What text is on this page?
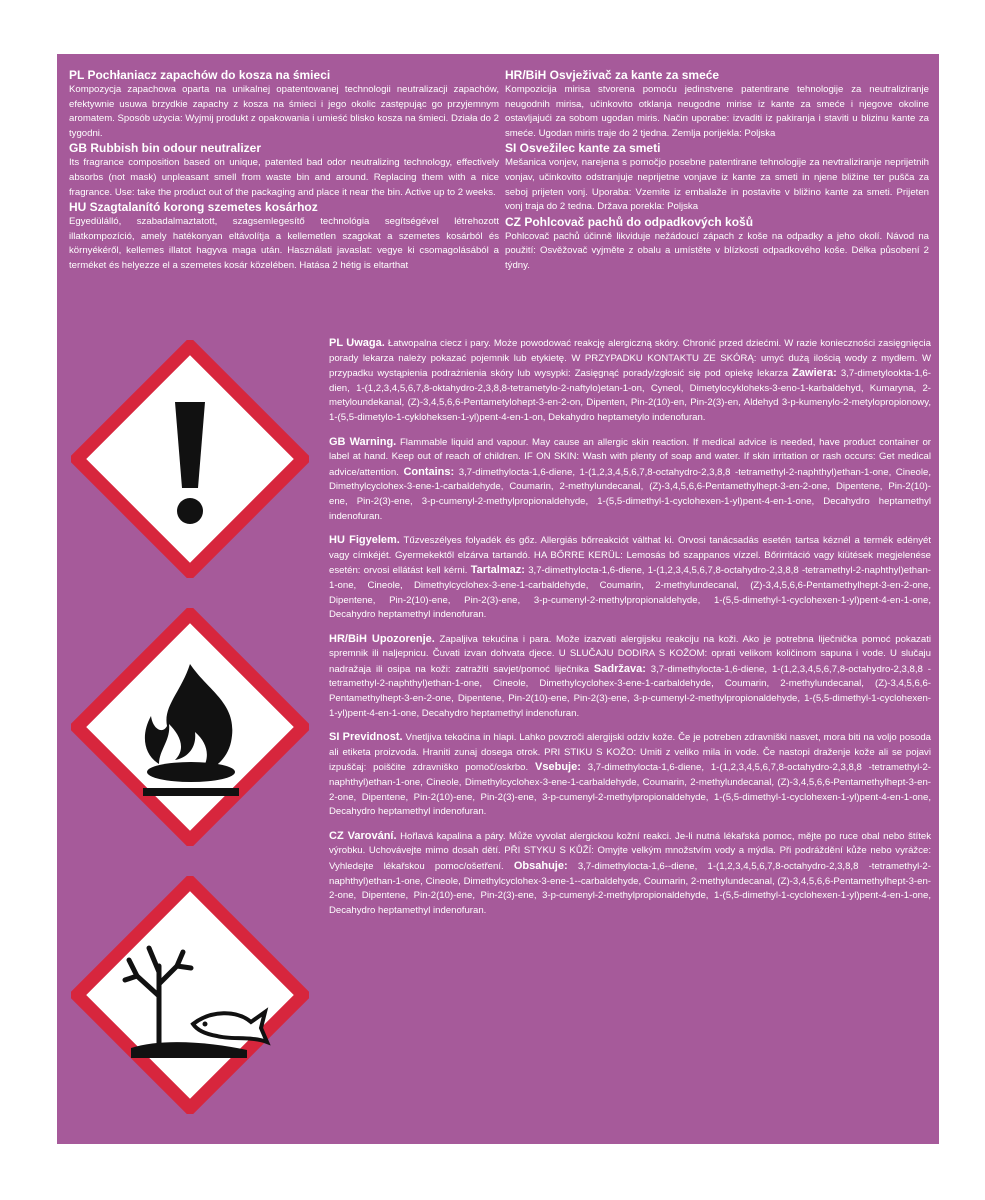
PL Pochłaniacz zapachów do kosza na śmieci

Kompozycja zapachowa oparta na unikalnej opatentowanej technologii neutralizacji zapachów, efektywnie usuwa brzydkie zapachy z kosza na śmieci i jego okolic zastępując go przyjemnym aromatem. Sposób użycia: Wyjmij produkt z opakowania i umieść blisko kosza na śmieci. Działa do 2 tygodni.

GB Rubbish bin odour neutralizer

Its fragrance composition based on unique, patented bad odor neutralizing technology, effectively absorbs (not mask) unpleasant smell from waste bin and around. Replacing them with a nice fragrance. Use: take the product out of the packaging and place it near the bin. Active up to 2 weeks.

HU Szagtalanító korong szemetes kosárhoz

Egyedülálló, szabadalmaztatott, szagsemlegesítő technológia segítségével létrehozott illatkompozíció, amely hatékonyan eltávolítja a kellemetlen szagokat a szemetes kosárból és környékéről, kellemes illatot hagyva maga után. Használati javaslat: vegye ki csomagolásából a terméket és helyezze el a szemetes kosár közelében. Hatása 2 hétig is eltarthat

HR/BiH Osvježivač za kante za smeće

Kompozicija mirisa stvorena pomoću jedinstvene patentirane tehnologije za neutraliziranje neugodnih mirisa, učinkovito otklanja neugodne mirise iz kante za smeće i njegove okoline ostavljajući za sobom ugodan miris. Način uporabe: izvaditi iz pakiranja i staviti u blizinu kante za smeće. Ugodan miris traje do 2 tjedna. Zemlja porijekla: Poljska

SI Osvežilec kante za smeti

Mešanica vonjev, narejena s pomočjo posebne patentirane tehnologije za nevtraliziranje neprijetnih vonjav, učinkovito odstranjuje neprijetne vonjave iz kante za smeti in njene bližine ter pušča za seboj prijeten vonj. Uporaba: Vzemite iz embalaže in postavite v bližino kante za smeti. Prijeten vonj traja do 2 tedna. Država porekla: Poljska

CZ Pohlcovač pachů do odpadkových košů

Pohlcovač pachů účinně likviduje nežádoucí zápach z koše na odpadky a jeho okolí. Návod na použití: Osvěžovač vyjměte z obalu a umístěte v blízkosti odpadkového koše. Délka působení 2 týdny.

PL Uwaga. Łatwopalna ciecz i pary. Może powodować reakcję alergiczną skóry. Chronić przed dziećmi. W razie konieczności zasięgnięcia porady lekarza należy pokazać pojemnik lub etykietę. W PRZYPADKU KONTAKTU ZE SKÓRĄ: umyć dużą ilością wody z mydłem. W przypadku wystąpienia podrażnienia skóry lub wysypki: Zasięgnąć porady/zgłosić się pod opiekę lekarza Zawiera: 3,7-dimetylookta-1,6-dien, 1-(1,2,3,4,5,6,7,8-oktahydro-2,3,8,8-tetrametylo-2-naftylo)etan-1-on, Cyneol, Dimetylocykloheks-3-eno-1-karbaldehyd, Kumaryna, 2-metyloundekanal, (Z)-3,4,5,6,6-Pentametylohept-3-en-2-on, Dipenten, Pin-2(10)-en, Pin-2(3)-en, Aldehyd 3-p-kumenylo-2-metylopropionowy, 1-(5,5-dimetylo-1-cykloheksen-1-yl)pent-4-en-1-on, Dekahydro heptametylo indenofuran.

GB Warning. Flammable liquid and vapour. May cause an allergic skin reaction. If medical advice is needed, have product container or label at hand. Keep out of reach of children. IF ON SKIN: Wash with plenty of soap and water. If skin irritation or rash occurs: Get medical advice/attention. Contains: 3,7-dimethylocta-1,6-diene, 1-(1,2,3,4,5,6,7,8-octahydro-2,3,8,8 -tetramethyl-2-naphthyl)ethan-1-one, Cineole, Dimethylcyclohex-3-ene-1-carbaldehyde, Coumarin, 2-methylundecanal, (Z)-3,4,5,6,6-Pentamethylhept-3-en-2-one, Dipentene, Pin-2(10)-ene, Pin-2(3)-ene, 3-p-cumenyl-2-methylpropionaldehyde, 1-(5,5-dimethyl-1-cyclohexen-1-yl)pent-4-en-1-one, Decahydro heptamethyl indenofuran.

HU Figyelem. Tűzveszélyes folyadék és gőz. Allergiás bőrreakciót válthat ki. Orvosi tanácsadás esetén tartsa kéznél a termék edényét vagy címkéjét. Gyermekektől elzárva tartandó. HA BŐRRE KERÜL: Lemosás bő szappanos vízzel. Bőrirritáció vagy kiütések megjelenése esetén: orvosi ellátást kell kérni. Tartalmaz: 3,7-dimethylocta-1,6-diene, 1-(1,2,3,4,5,6,7,8-octahydro-2,3,8,8 -tetramethyl-2-naphthyl)ethan-1-one, Cineole, Dimethylcyclohex-3-ene-1-carbaldehyde, Coumarin, 2-methylundecanal, (Z)-3,4,5,6,6-Pentamethylhept-3-en-2-one, Dipentene, Pin-2(10)-ene, Pin-2(3)-ene, 3-p-cumenyl-2-methylpropionaldehyde, 1-(5,5-dimethyl-1-cyclohexen-1-yl)pent-4-en-1-one, Decahydro heptamethyl indenofuran.

HR/BiH Upozorenje. Zapaljiva tekućina i para. Može izazvati alergijsku reakciju na koži. Ako je potrebna liječnička pomoć pokazati spremnik ili naljepnicu. Čuvati izvan dohvata djece. U SLUČAJU DODIRA S KOŽOM: oprati velikom količinom sapuna i vode. U slučaju nadražaja ili osipa na koži: zatražiti savjet/pomoć liječnika Sadržava: 3,7-dimethylocta-1,6-diene, 1-(1,2,3,4,5,6,7,8-octahydro-2,3,8,8 -tetramethyl-2-naphthyl)ethan-1-one, Cineole, Dimethylcyclohex-3-ene-1-carbaldehyde, Coumarin, 2-methylundecanal, (Z)-3,4,5,6,6-Pentamethylhept-3-en-2-one, Dipentene, Pin-2(10)-ene, Pin-2(3)-ene, 3-p-cumenyl-2-methylpropionaldehyde, 1-(5,5-dimethyl-1-cyclohexen-1-yl)pent-4-en-1-one, Decahydro heptamethyl indenofuran.

SI Previdnost. Vnetljiva tekočina in hlapi. Lahko povzroči alergijski odziv kože. Če je potreben zdravniški nasvet, mora biti na voljo posoda ali etiketa proizvoda. Hraniti zunaj dosega otrok. PRI STIKU S KOŽO: Umiti z veliko mila in vode. Če nastopi draženje kože ali se pojavi izpuščaj: poiščite zdravniško pomoč/oskrbo. Vsebuje: 3,7-dimethylocta-1,6-diene, 1-(1,2,3,4,5,6,7,8-octahydro-2,3,8,8 -tetramethyl-2-naphthyl)ethan-1-one, Cineole, Dimethylcyclohex-3-ene-1-carbaldehyde, Coumarin, 2-methylundecanal, (Z)-3,4,5,6,6-Pentamethylhept-3-en-2-one, Dipentene, Pin-2(10)-ene, Pin-2(3)-ene, 3-p-cumenyl-2-methylpropionaldehyde, 1-(5,5-dimethyl-1-cyclohexen-1-yl)pent-4-en-1-one, Decahydro heptamethyl indenofuran.

CZ Varování. Hořlavá kapalina a páry. Může vyvolat alergickou kožní reakci. Je-li nutná lékařská pomoc, mějte po ruce obal nebo štítek výrobku. Uchovávejte mimo dosah dětí. PŘI STYKU S KŮŽÍ: Omyjte velkým množstvím vody a mýdla. Při podráždění kůže nebo vyrážce: Vyhledejte lékařskou pomoc/ošetření. Obsahuje: 3,7-dimethylocta-1,6--diene, 1-(1,2,3,4,5,6,7,8-octahydro-2,3,8,8 -tetramethyl-2-naphthyl)ethan-1-one, Cineole, Dimethylcyclohex-3-ene-1--carbaldehyde, Coumarin, 2-methylundecanal, (Z)-3,4,5,6,6-Pentamethylhept-3-en-2-one, Dipentene, Pin-2(10)-ene, Pin-2(3)-ene, 3-p-cumenyl-2-methylpropionaldehyde, 1-(5,5-dimethyl-1-cyclohexen-1-yl)pent-4-en-1-one, Decahydro heptamethyl indenofuran.
